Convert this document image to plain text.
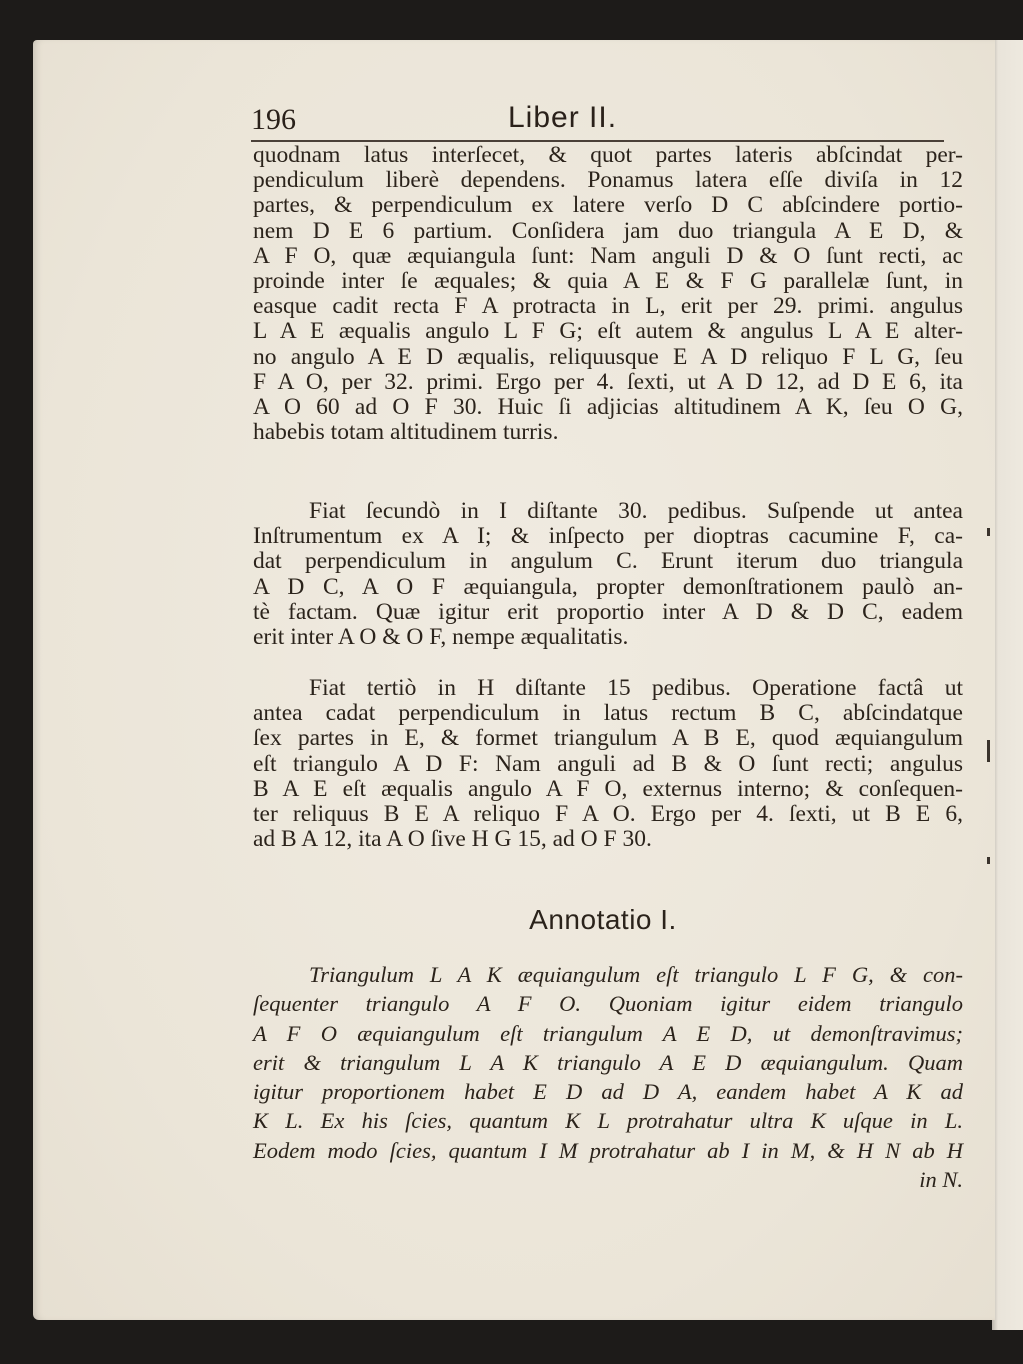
196	Liber II.
quodnam latus interſecet, & quot partes lateris abſcindat per-
pendiculum liberè dependens. Ponamus latera eſſe diviſa in 12
partes, & perpendiculum ex latere verſo D C abſcindere portio-
nem D E 6 partium. Conſidera jam duo triangula A E D, &
A F O, quæ æquiangula ſunt: Nam anguli D & O ſunt recti, ac
proinde inter ſe æquales; & quia A E & F G parallelæ ſunt, in
easque cadit recta F A protracta in L, erit per 29. primi. angulus
L A E æqualis angulo L F G; eſt autem & angulus L A E alter-
no angulo A E D æqualis, reliquusque E A D reliquo F L G, ſeu
F A O, per 32. primi. Ergo per 4. ſexti, ut A D 12, ad D E 6, ita
A O 60 ad O F 30. Huic ſi adjicias altitudinem A K, ſeu O G,
habebis totam altitudinem turris.
Fiat ſecundò in I diſtante 30. pedibus. Suſpende ut antea
Inſtrumentum ex A I; & inſpecto per dioptras cacumine F, ca-
dat perpendiculum in angulum C. Erunt iterum duo triangula
A D C, A O F æquiangula, propter demonſtrationem paulò an-
tè factam. Quæ igitur erit proportio inter A D & D C, eadem
erit inter A O & O F, nempe æqualitatis.
Fiat tertiò in H diſtante 15 pedibus. Operatione factâ ut
antea cadat perpendiculum in latus rectum B C, abſcindatque
ſex partes in E, & formet triangulum A B E, quod æquiangulum
eſt triangulo A D F: Nam anguli ad B & O ſunt recti; angulus
B A E eſt æqualis angulo A F O, externus interno; & conſequen-
ter reliquus B E A reliquo F A O. Ergo per 4. ſexti, ut B E 6,
ad B A 12, ita A O ſive H G 15, ad O F 30.
Annotatio I.
Triangulum L A K æquiangulum eſt triangulo L F G, & con-
ſequenter triangulo A F O. Quoniam igitur eidem triangulo
A F O æquiangulum eſt triangulum A E D, ut demonſtravimus;
erit & triangulum L A K triangulo A E D æquiangulum. Quam
igitur proportionem habet E D ad D A, eandem habet A K ad
K L. Ex his ſcies, quantum K L protrahatur ultra K uſque in L.
Eodem modo ſcies, quantum I M protrahatur ab I in M, & H N ab H
in N.
